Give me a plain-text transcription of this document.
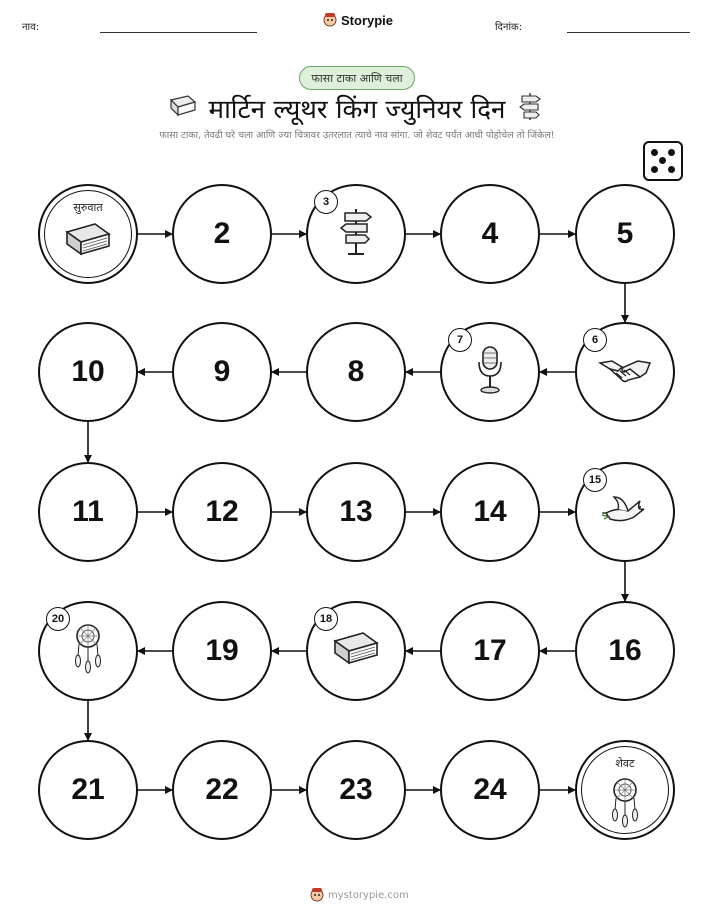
नाव:	Storypie	दिनांक:
फासा टाका आणि चला
मार्टिन ल्यूथर किंग ज्युनियर दिन
फासा टाका, तेवढी घरे चला आणि ज्या चित्रावर उतरलात त्याचे नाव सांगा. जो शेवट पर्यंत आधी पोहोचेल तो जिंकेल!
सुरुवात
2
3
4	5
6
7
8
9
10
11	12	13	14
15
16
17
18
19
20
21	22	23	24
शेवट
mystorypie.com
